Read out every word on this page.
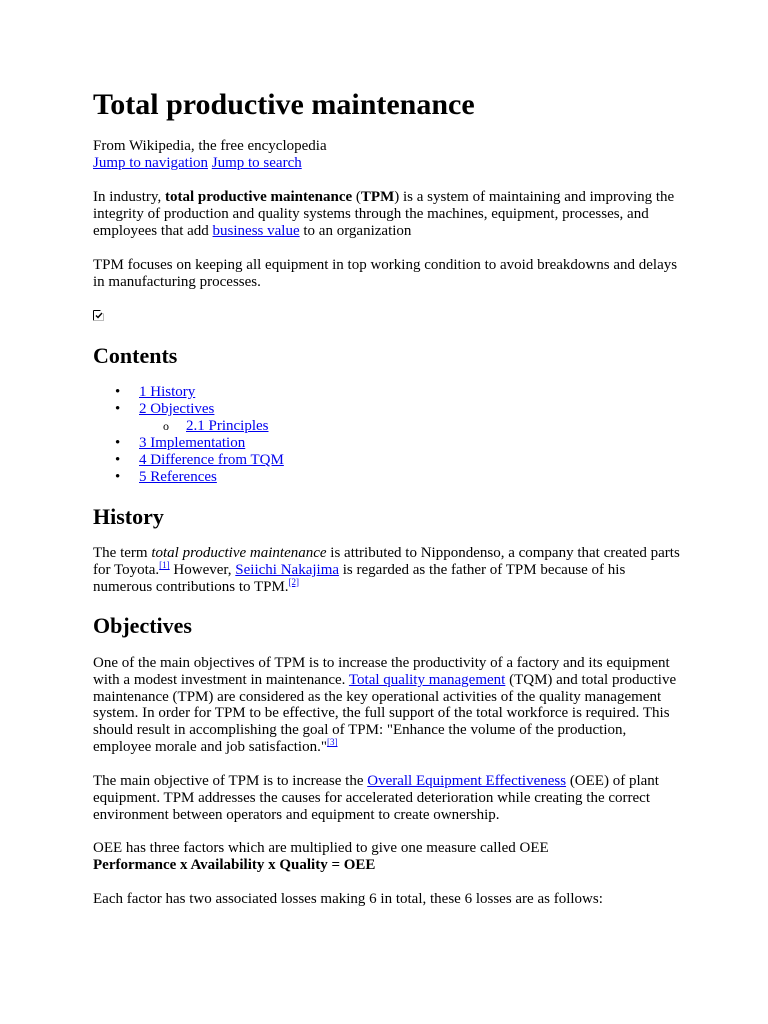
Total productive maintenance

From Wikipedia, the free encyclopedia
Jump to navigation Jump to search

In industry, total productive maintenance (TPM) is a system of maintaining and improving the integrity of production and quality systems through the machines, equipment, processes, and employees that add business value to an organization

TPM focuses on keeping all equipment in top working condition to avoid breakdowns and delays in manufacturing processes.

Contents
• 1 History
• 2 Objectives
o 2.1 Principles
• 3 Implementation
• 4 Difference from TQM
• 5 References
History

The term total productive maintenance is attributed to Nippondenso, a company that created parts for Toyota.[1] However, Seiichi Nakajima is regarded as the father of TPM because of his numerous contributions to TPM.[2]

Objectives

One of the main objectives of TPM is to increase the productivity of a factory and its equipment with a modest investment in maintenance. Total quality management (TQM) and total productive maintenance (TPM) are considered as the key operational activities of the quality management system. In order for TPM to be effective, the full support of the total workforce is required. This should result in accomplishing the goal of TPM: "Enhance the volume of the production, employee morale and job satisfaction."[3]

The main objective of TPM is to increase the Overall Equipment Effectiveness (OEE) of plant equipment. TPM addresses the causes for accelerated deterioration while creating the correct environment between operators and equipment to create ownership.

OEE has three factors which are multiplied to give one measure called OEE
Performance x Availability x Quality = OEE

Each factor has two associated losses making 6 in total, these 6 losses are as follows:
